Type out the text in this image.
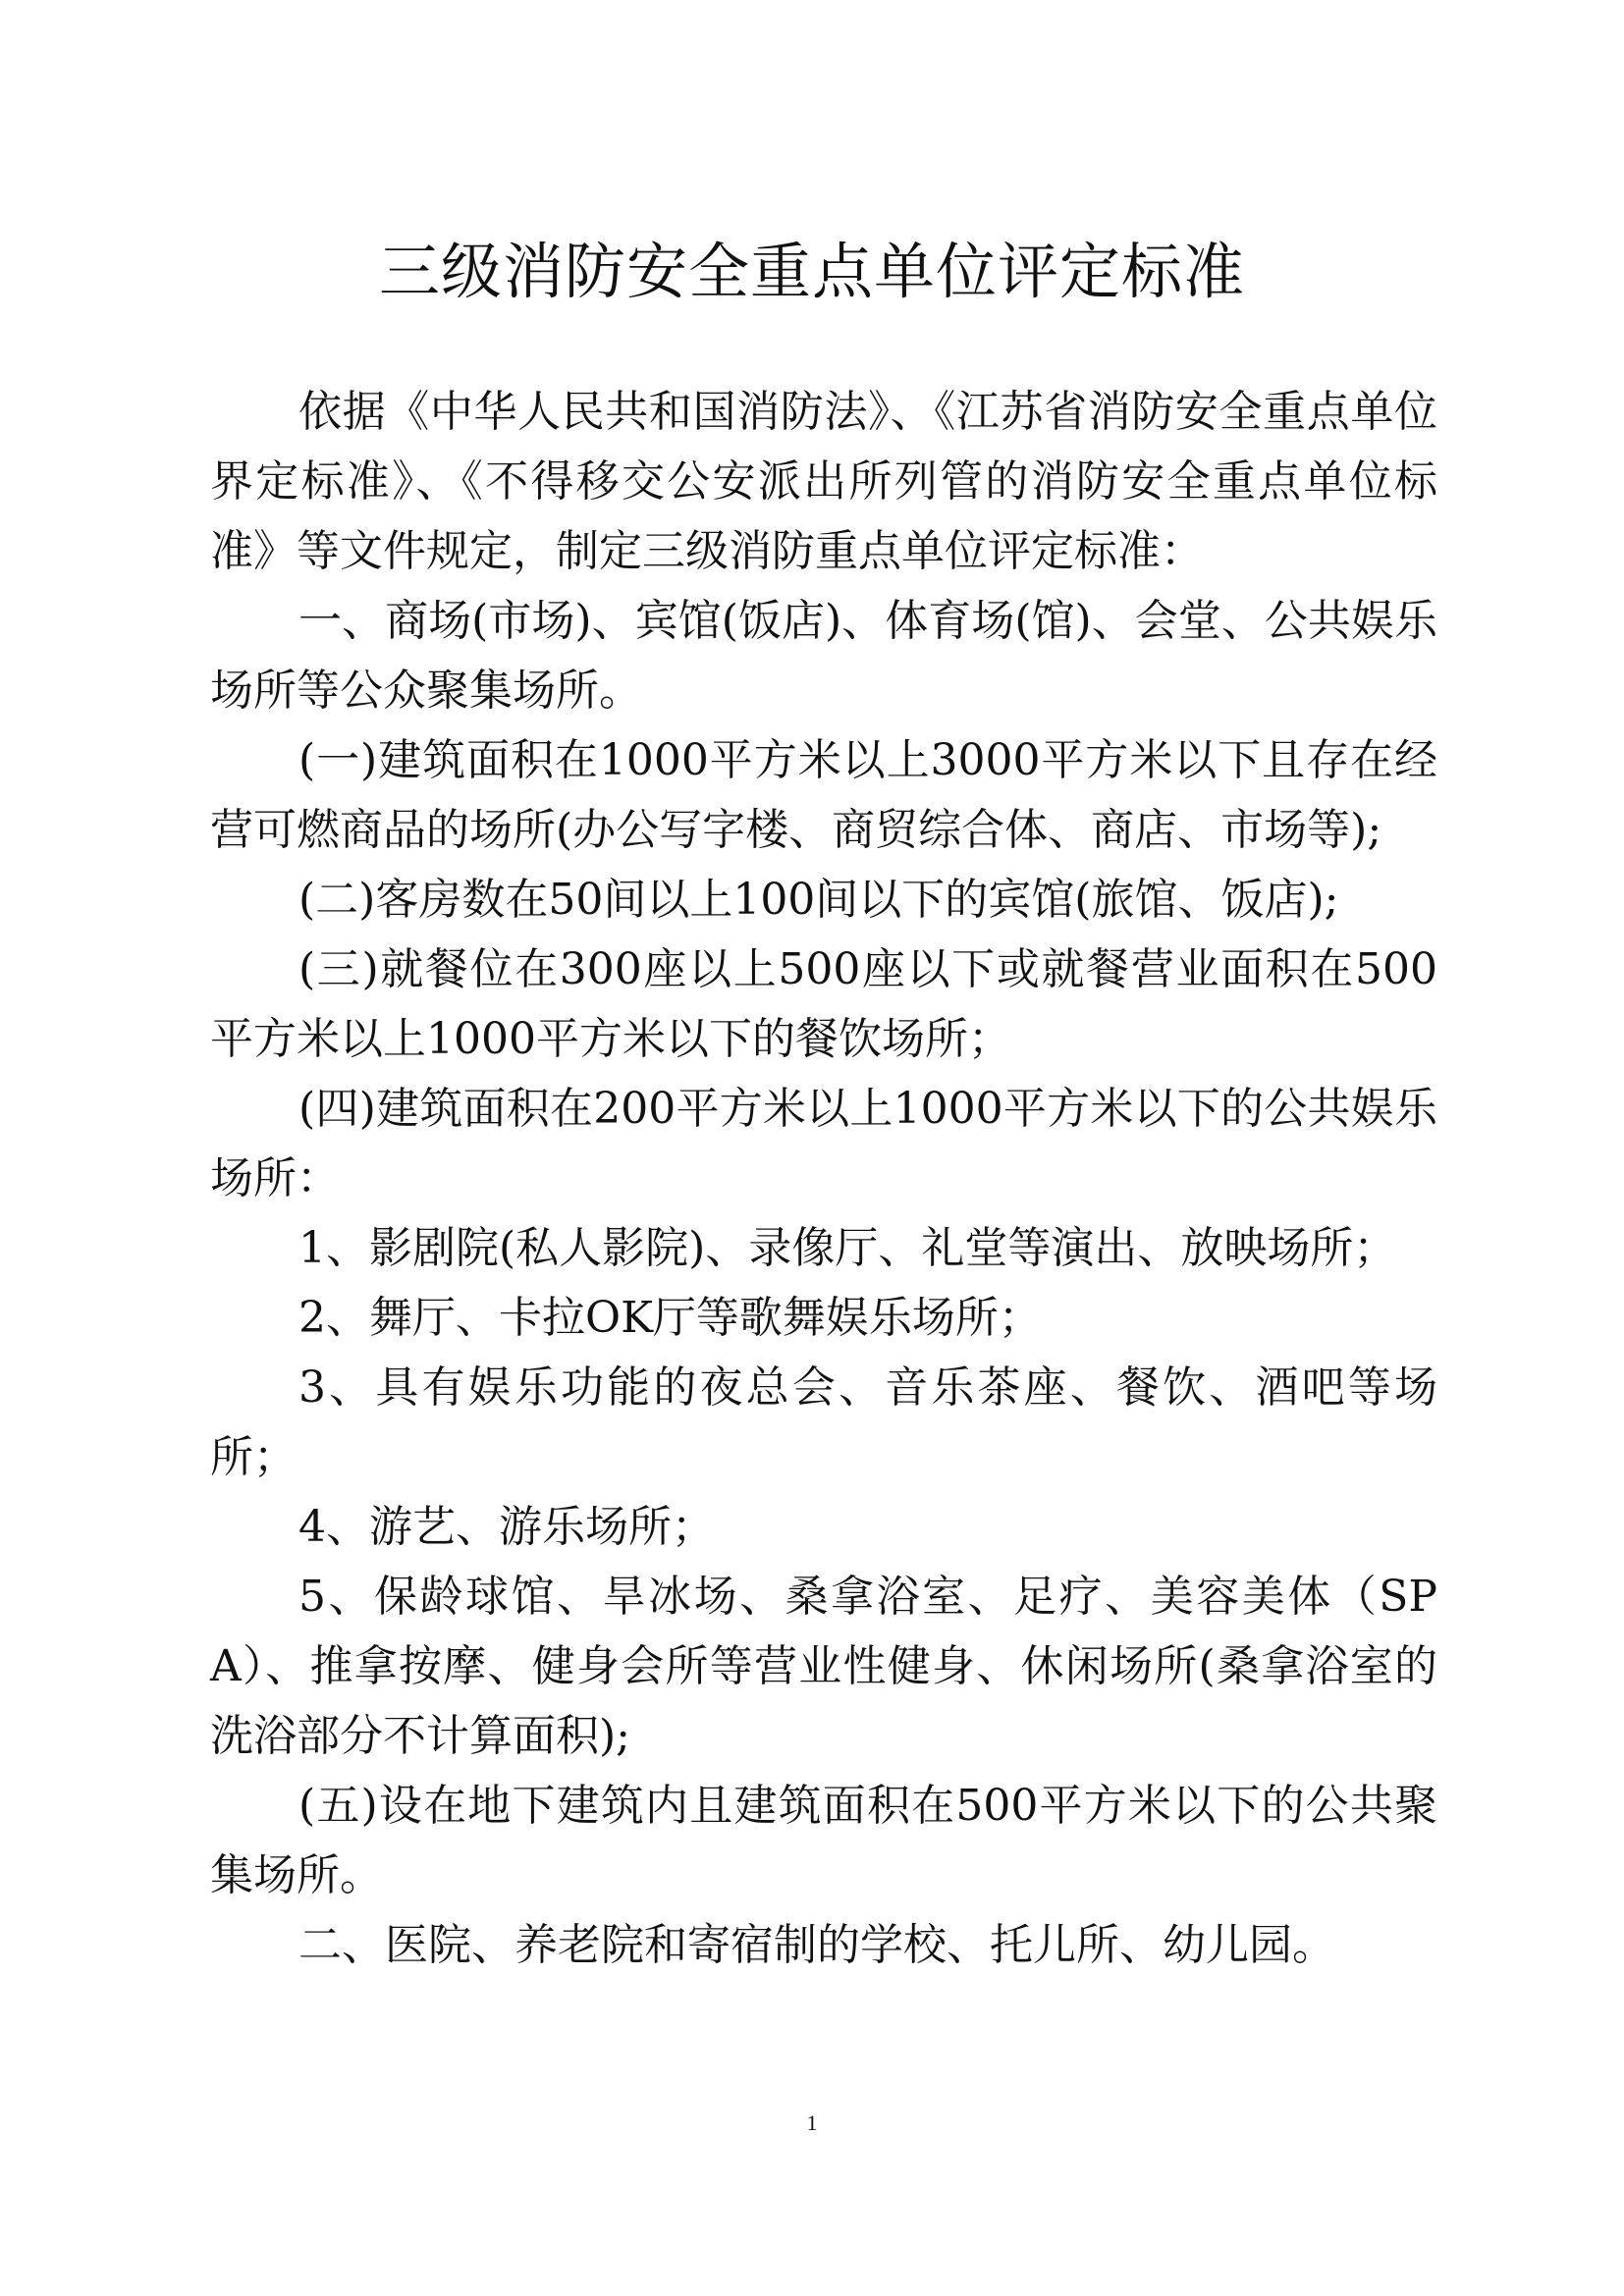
三级消防安全重点单位评定标准

依据《中华人民共和国消防法》、《江苏省消防安全重点单位界定标准》、《不得移交公安派出所列管的消防安全重点单位标准》等文件规定，制定三级消防重点单位评定标准：

一、商场(市场)、宾馆(饭店)、体育场(馆)、会堂、公共娱乐场所等公众聚集场所。

(一)建筑面积在1000平方米以上3000平方米以下且存在经营可燃商品的场所(办公写字楼、商贸综合体、商店、市场等);

(二)客房数在50间以上100间以下的宾馆(旅馆、饭店);

(三)就餐位在300座以上500座以下或就餐营业面积在500平方米以上1000平方米以下的餐饮场所；

(四)建筑面积在200平方米以上1000平方米以下的公共娱乐场所：

1、影剧院(私人影院)、录像厅、礼堂等演出、放映场所；

2、舞厅、卡拉OK厅等歌舞娱乐场所；

3、具有娱乐功能的夜总会、音乐茶座、餐饮、酒吧等场所；

4、游艺、游乐场所；

5、保龄球馆、旱冰场、桑拿浴室、足疗、美容美体（SPA）、推拿按摩、健身会所等营业性健身、休闲场所(桑拿浴室的洗浴部分不计算面积);

(五)设在地下建筑内且建筑面积在500平方米以下的公共聚集场所。

二、医院、养老院和寄宿制的学校、托儿所、幼儿园。

1
